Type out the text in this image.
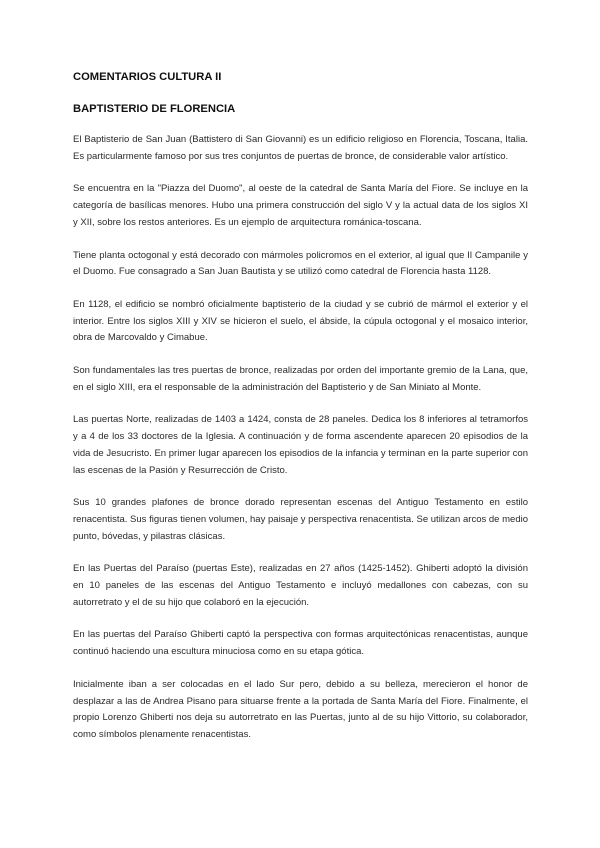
COMENTARIOS CULTURA II
BAPTISTERIO DE FLORENCIA

El Baptisterio de San Juan (Battistero di San Giovanni) es un edificio religioso en Florencia, Toscana, Italia. Es particularmente famoso por sus tres conjuntos de puertas de bronce, de considerable valor artístico.

Se encuentra en la "Piazza del Duomo", al oeste de la catedral de Santa María del Fiore. Se incluye en la categoría de basílicas menores. Hubo una primera construcción del siglo V y la actual data de los siglos XI y XII, sobre los restos anteriores. Es un ejemplo de arquitectura románica-toscana.

Tiene planta octogonal y está decorado con mármoles policromos en el exterior, al igual que Il Campanile y el Duomo. Fue consagrado a San Juan Bautista y se utilizó como catedral de Florencia hasta 1128.

En 1128, el edificio se nombró oficialmente baptisterio de la ciudad y se cubrió de mármol el exterior y el interior. Entre los siglos XIII y XIV se hicieron el suelo, el ábside, la cúpula octogonal y el mosaico interior, obra de Marcovaldo y Cimabue.

Son fundamentales las tres puertas de bronce, realizadas por orden del importante gremio de la Lana, que, en el siglo XIII, era el responsable de la administración del Baptisterio y de San Miniato al Monte.

Las puertas Norte, realizadas de 1403 a 1424, consta de 28 paneles. Dedica los 8 inferiores al tetramorfos y a 4 de los 33 doctores de la Iglesia. A continuación y de forma ascendente aparecen 20 episodios de la vida de Jesucristo. En primer lugar aparecen los episodios de la infancia y terminan en la parte superior con las escenas de la Pasión y Resurrección de Cristo.

Sus 10 grandes plafones de bronce dorado representan escenas del Antiguo Testamento en estilo renacentista. Sus figuras tienen volumen, hay paisaje y perspectiva renacentista. Se utilizan arcos de medio punto, bóvedas, y pilastras clásicas.

En las Puertas del Paraíso (puertas Este), realizadas en 27 años (1425-1452). Ghiberti adoptó la división en 10 paneles de las escenas del Antiguo Testamento e incluyó medallones con cabezas, con su autorretrato y el de su hijo que colaboró en la ejecución.

En las puertas del Paraíso Ghiberti captó la perspectiva con formas arquitectónicas renacentistas, aunque continuó haciendo una escultura minuciosa como en su etapa gótica.

Inicialmente iban a ser colocadas en el lado Sur pero, debido a su belleza, merecieron el honor de desplazar a las de Andrea Pisano para situarse frente a la portada de Santa María del Fiore. Finalmente, el propio Lorenzo Ghiberti nos deja su autorretrato en las Puertas, junto al de su hijo Vittorio, su colaborador, como símbolos plenamente renacentistas.
